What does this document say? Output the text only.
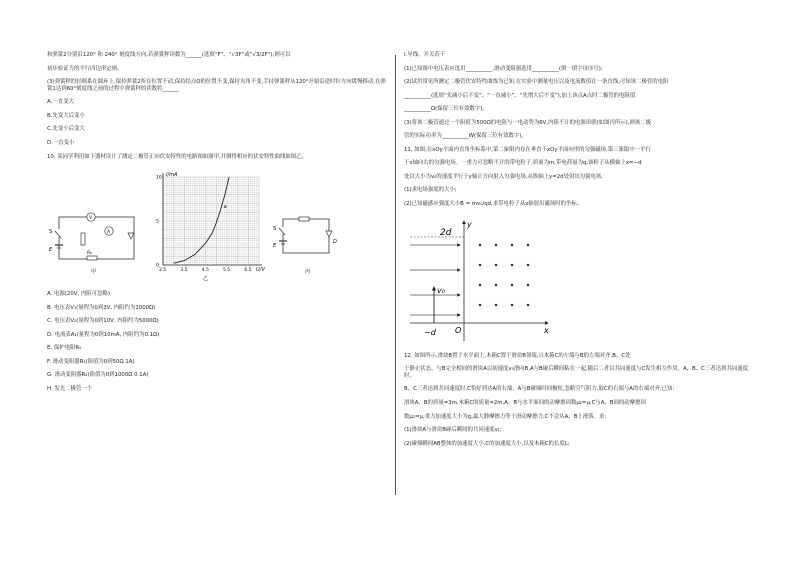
和弹簧2分别沿120° 和 240° 刻度线方向,若弹簧秤读数为______(选填“F”、“√3F”或“√3/2F”),则可以

初步验证力的平行四边形定则。

(3)弹簧秤的轻绳系在圆环上,保持弹簧2所在位置不动,保持结点O的位置不变,保持夹角不变,手持弹簧秤从120°开始沿逆时针方向缓慢移动,在弹簧1达到60°刻度线之前的过程中弹簧秤的读数将______

A.一直变大

B.先变大后变小

C.先变小后变大

D.一直变小

10. 某同学利用如下器材设计了测定二极管正向伏安特性的电路图如图甲,并测得相应的伏安特性曲线如图乙。

S
E
A
V
R₀
甲	2.5	3.5	4.5	5.5	6.5
0
5
10
I/mA
U/V
a
乙
S
E
D
丙

A. 电源(20V, 内阻可忽略)

B. 电压表V₁(量程为0到3V, 内阻约为1000Ω)

C. 电压表V₂(量程为0到10V, 内阻约为5000Ω)

D. 电流表A₁(量程为0到10mA, 内阻约为0.1Ω)

E. 保护电阻R₀

F. 滑动变阻器R₁(阻值为0到50Ω 1A)

G. 滑动变阻器R₂(阻值为0到1000Ω 0.1A)

H. 发光二极管一个

I.导线、开关若干

(1)已知图中电压表应选用__________,滑动变阻器选用__________(填一填字母序号);

(2)试用常见所测定二极管伏安特性曲线为已知,在实验中测量电压以及电流数值在一条直线,可知该二极管的电阻

__________(选填“先减小后不变”、“一直减小”、“先增大后不变”),加上该点A点时二极管的电阻值

__________Ω(保留三位有效数字)。

(3)将该二极管通过一个阻值为500Ω的电阻与一电动势为6V,内阻不计的电源串联(如图丙所示),则该二极

管的实际功率为__________W(保留三位有效数字)。

11. 如图,在xOy平面内直角坐标系中,第二象限内存在垂直于xOy平面向里的匀强磁场,第三象限中一平行

于x轴向右的匀强电场。一重力可忽略不计的带电粒子,质量为m,带电荷量为q,该粒子从横轴上x=−d

处以大小为v₀的速度平行于y轴正方向射入匀强电场,从纵轴上y=2d处射出匀强电场。

(1)求电场强度的大小;

(2)已知磁感应强度大小B = mv₀/qd,求带电粒子从x轴射出磁场时的坐标。

y
x
2d
v₀
−d O

12. 如图所示,滑块B置于水平面上,木箱C置于滑块B顶端,且木箱C的左端与B的左端对齐,B、C处

于静止状态。与B完全相同的滑块A以初速度v₀滑向B,A与B碰后瞬间粘在一起,随后二者以共同速度与C发生相互作用。A、B、C三者达到共同速度时,

B、C三者达到共同速度时,C恰好到达A的右端。A与B碰撞时间极短,忽略空气阻力,取C的右端与A的右端对齐,已知:

滑块A、B的质量=3m,木箱C的质量=2m,A、B与水平面间的动摩擦因数μ₁=μ,C与A、B间的动摩擦因

数μ₂=μ,重力加速度大小为g,最大静摩擦力等于滑动摩擦力,C不会从A、B上滑落。求:

(1)滑块A与滑块B碰后瞬间的共同速度v₁;

(2)碰撞瞬间AB整体的加速度大小,C的加速度大小,以及木箱C的长度L;
